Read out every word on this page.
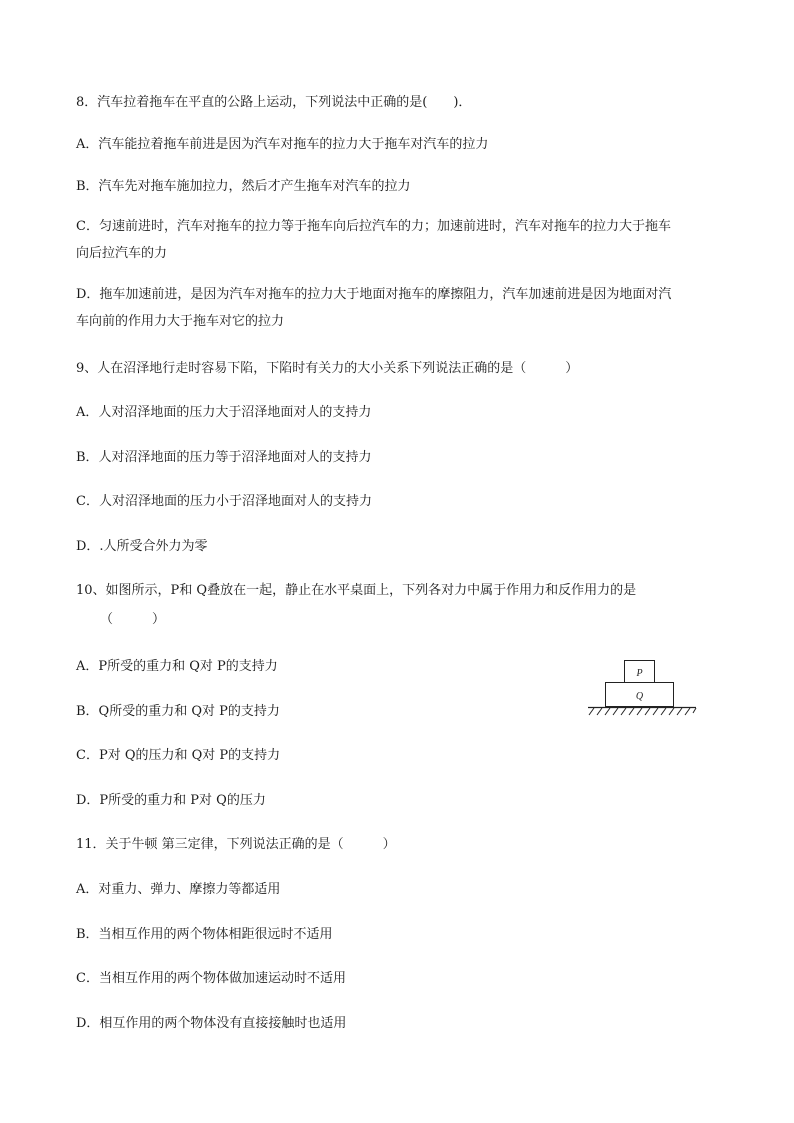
8．汽车拉着拖车在平直的公路上运动，下列说法中正确的是(　　)．
A．汽车能拉着拖车前进是因为汽车对拖车的拉力大于拖车对汽车的拉力
B．汽车先对拖车施加拉力，然后才产生拖车对汽车的拉力
C．匀速前进时，汽车对拖车的拉力等于拖车向后拉汽车的力；加速前进时，汽车对拖车的拉力大于拖车
向后拉汽车的力
D．拖车加速前进，是因为汽车对拖车的拉力大于地面对拖车的摩擦阻力，汽车加速前进是因为地面对汽
车向前的作用力大于拖车对它的拉力
9、人在沼泽地行走时容易下陷，下陷时有关力的大小关系下列说法正确的是（　　　）
A．人对沼泽地面的压力大于沼泽地面对人的支持力
B．人对沼泽地面的压力等于沼泽地面对人的支持力
C．人对沼泽地面的压力小于沼泽地面对人的支持力
D．.人所受合外力为零
10、如图所示，P和 Q叠放在一起，静止在水平桌面上，下列各对力中属于作用力和反作用力的是
（　　　）
A．P所受的重力和 Q对 P的支持力
B．Q所受的重力和 Q对 P的支持力
C．P对 Q的压力和 Q对 P的支持力
D．P所受的重力和 P对 Q的压力
P
Q
11．关于牛顿 第三定律，下列说法正确的是（　　　）
A．对重力、弹力、摩擦力等都适用
B．当相互作用的两个物体相距很远时不适用
C．当相互作用的两个物体做加速运动时不适用
D．相互作用的两个物体没有直接接触时也适用
